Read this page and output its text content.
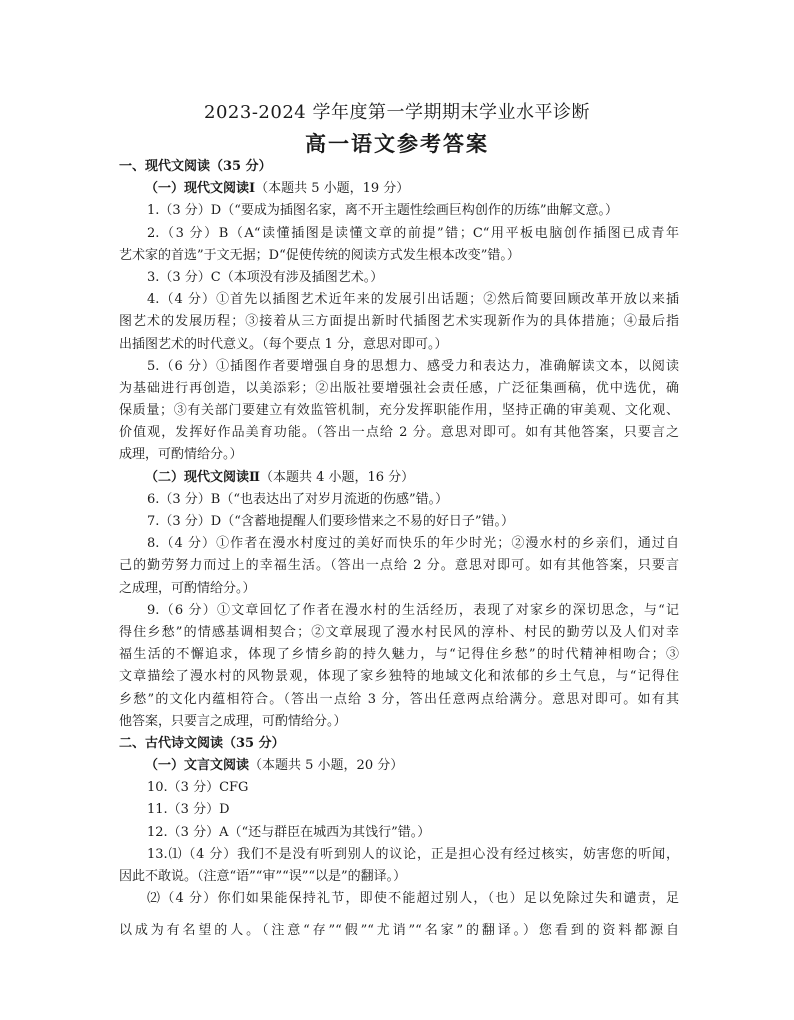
2023-2024 学年度第一学期期末学业水平诊断
高一语文参考答案
一、现代文阅读（35 分）
（一）现代文阅读Ⅰ（本题共 5 小题，19 分）
1.（3 分）D（“要成为插图名家，离不开主题性绘画巨构创作的历练”曲解文意。）
2.（3 分）B（A“读懂插图是读懂文章的前提”错；C“用平板电脑创作插图已成青年
艺术家的首选”于文无据；D“促使传统的阅读方式发生根本改变”错。）
3.（3 分）C（本项没有涉及插图艺术。）
4.（4 分）①首先以插图艺术近年来的发展引出话题；②然后简要回顾改革开放以来插
图艺术的发展历程；③接着从三方面提出新时代插图艺术实现新作为的具体措施；④最后指
出插图艺术的时代意义。（每个要点 1 分，意思对即可。）
5.（6 分）①插图作者要增强自身的思想力、感受力和表达力，准确解读文本，以阅读
为基础进行再创造，以美添彩；②出版社要增强社会责任感，广泛征集画稿，优中选优，确
保质量；③有关部门要建立有效监管机制，充分发挥职能作用，坚持正确的审美观、文化观、
价值观，发挥好作品美育功能。（答出一点给 2 分。意思对即可。如有其他答案，只要言之
成理，可酌情给分。）
（二）现代文阅读Ⅱ（本题共 4 小题，16 分）
6.（3 分）B（“也表达出了对岁月流逝的伤感”错。）
7.（3 分）D（“含蓄地提醒人们要珍惜来之不易的好日子”错。）
8.（4 分）①作者在漫水村度过的美好而快乐的年少时光；②漫水村的乡亲们，通过自
己的勤劳努力而过上的幸福生活。（答出一点给 2 分。意思对即可。如有其他答案，只要言
之成理，可酌情给分。）
9.（6 分）①文章回忆了作者在漫水村的生活经历，表现了对家乡的深切思念，与“记
得住乡愁”的情感基调相契合；②文章展现了漫水村民风的淳朴、村民的勤劳以及人们对幸
福生活的不懈追求，体现了乡情乡韵的持久魅力，与“记得住乡愁”的时代精神相吻合；③
文章描绘了漫水村的风物景观，体现了家乡独特的地域文化和浓郁的乡土气息，与“记得住
乡愁”的文化内蕴相符合。（答出一点给 3 分，答出任意两点给满分。意思对即可。如有其
他答案，只要言之成理，可酌情给分。）
二、古代诗文阅读（35 分）
（一）文言文阅读（本题共 5 小题，20 分）
10.（3 分）CFG
11.（3 分）D
12.（3 分）A（“还与群臣在城西为其饯行”错。）
13.⑴（4 分）我们不是没有听到别人的议论，正是担心没有经过核实，妨害您的听闻，
因此不敢说。（注意“语”“审”“误”“以是”的翻译。）
⑵（4 分）你们如果能保持礼节，即使不能超过别人，（也）足以免除过失和谴责，足
以成为有名望的人。（注意“存”“假”“尤诮”“名家”的翻译。）您看到的资料都源自
